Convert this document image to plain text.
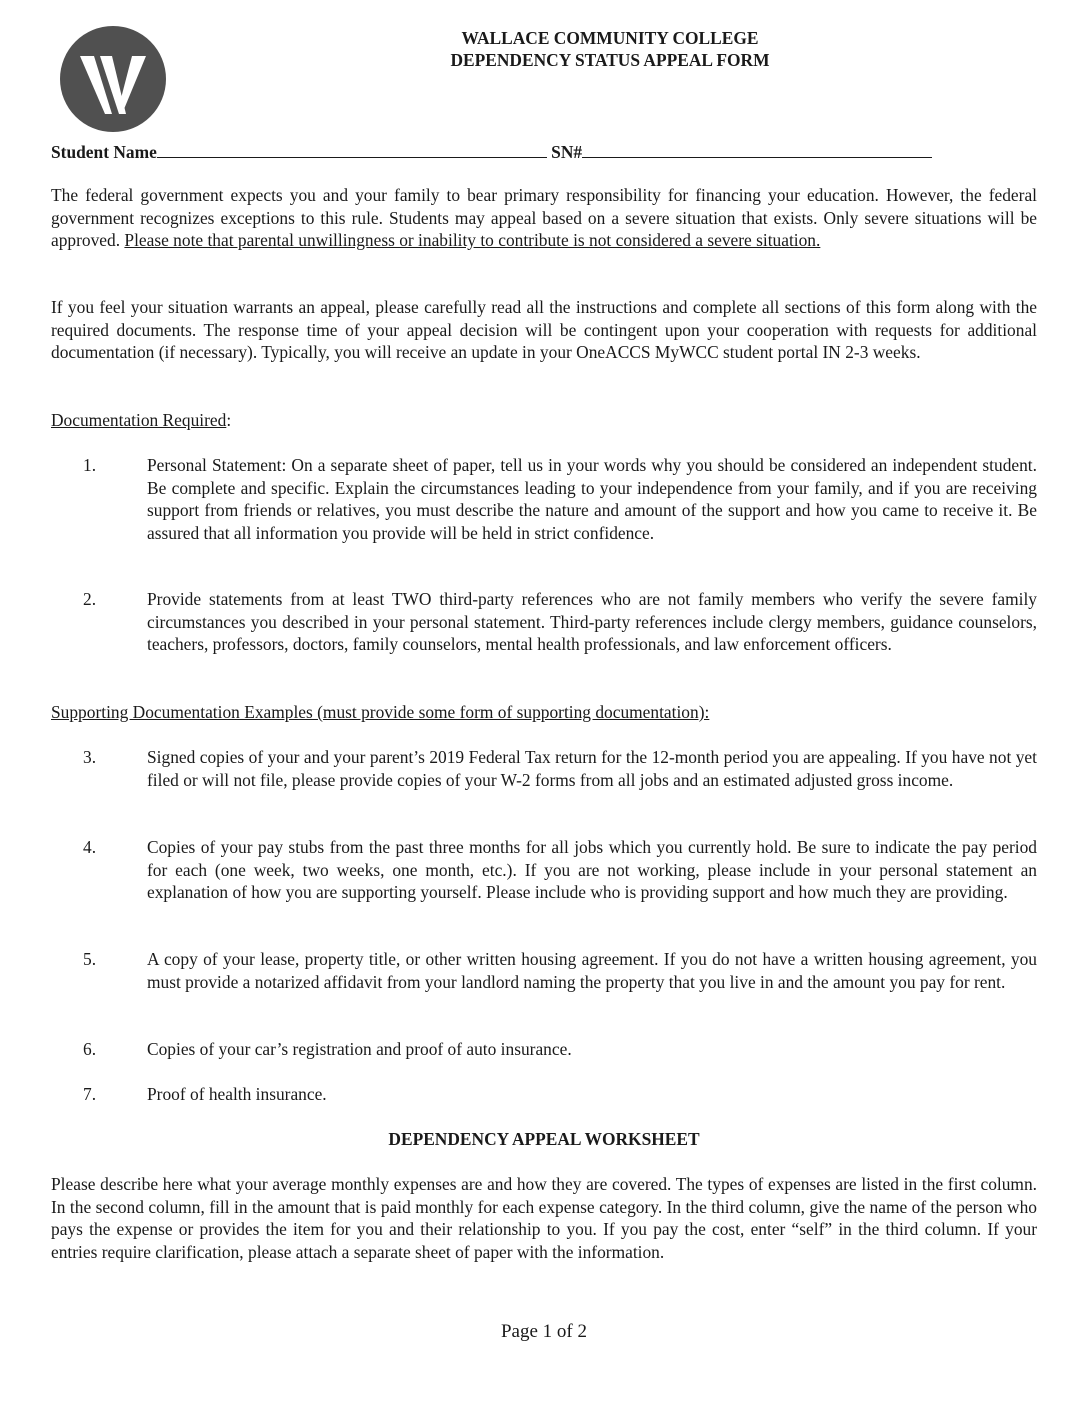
WALLACE COMMUNITY COLLEGE
DEPENDENCY STATUS APPEAL FORM
Student Name	SN#
The federal government expects you and your family to bear primary responsibility for financing your education. However, the federal government recognizes exceptions to this rule. Students may appeal based on a severe situation that exists. Only severe situations will be approved. Please note that parental unwillingness or inability to contribute is not considered a severe situation.
If you feel your situation warrants an appeal, please carefully read all the instructions and complete all sections of this form along with the required documents. The response time of your appeal decision will be contingent upon your cooperation with requests for additional documentation (if necessary). Typically, you will receive an update in your OneACCS MyWCC student portal IN 2-3 weeks.
Documentation Required:
1.	Personal Statement: On a separate sheet of paper, tell us in your words why you should be considered an independent student. Be complete and specific. Explain the circumstances leading to your independence from your family, and if you are receiving support from friends or relatives, you must describe the nature and amount of the support and how you came to receive it. Be assured that all information you provide will be held in strict confidence.
2.	Provide statements from at least TWO third-party references who are not family members who verify the severe family circumstances you described in your personal statement. Third-party references include clergy members, guidance counselors, teachers, professors, doctors, family counselors, mental health professionals, and law enforcement officers.
Supporting Documentation Examples (must provide some form of supporting documentation):
3.	Signed copies of your and your parent’s 2019 Federal Tax return for the 12-month period you are appealing. If you have not yet filed or will not file, please provide copies of your W-2 forms from all jobs and an estimated adjusted gross income.
4.	Copies of your pay stubs from the past three months for all jobs which you currently hold. Be sure to indicate the pay period for each (one week, two weeks, one month, etc.). If you are not working, please include in your personal statement an explanation of how you are supporting yourself. Please include who is providing support and how much they are providing.
5.	A copy of your lease, property title, or other written housing agreement. If you do not have a written housing agreement, you must provide a notarized affidavit from your landlord naming the property that you live in and the amount you pay for rent.
6.	Copies of your car’s registration and proof of auto insurance.
7.	Proof of health insurance.
DEPENDENCY APPEAL WORKSHEET
Please describe here what your average monthly expenses are and how they are covered. The types of expenses are listed in the first column. In the second column, fill in the amount that is paid monthly for each expense category. In the third column, give the name of the person who pays the expense or provides the item for you and their relationship to you. If you pay the cost, enter “self” in the third column. If your entries require clarification, please attach a separate sheet of paper with the information.
Page 1 of 2
